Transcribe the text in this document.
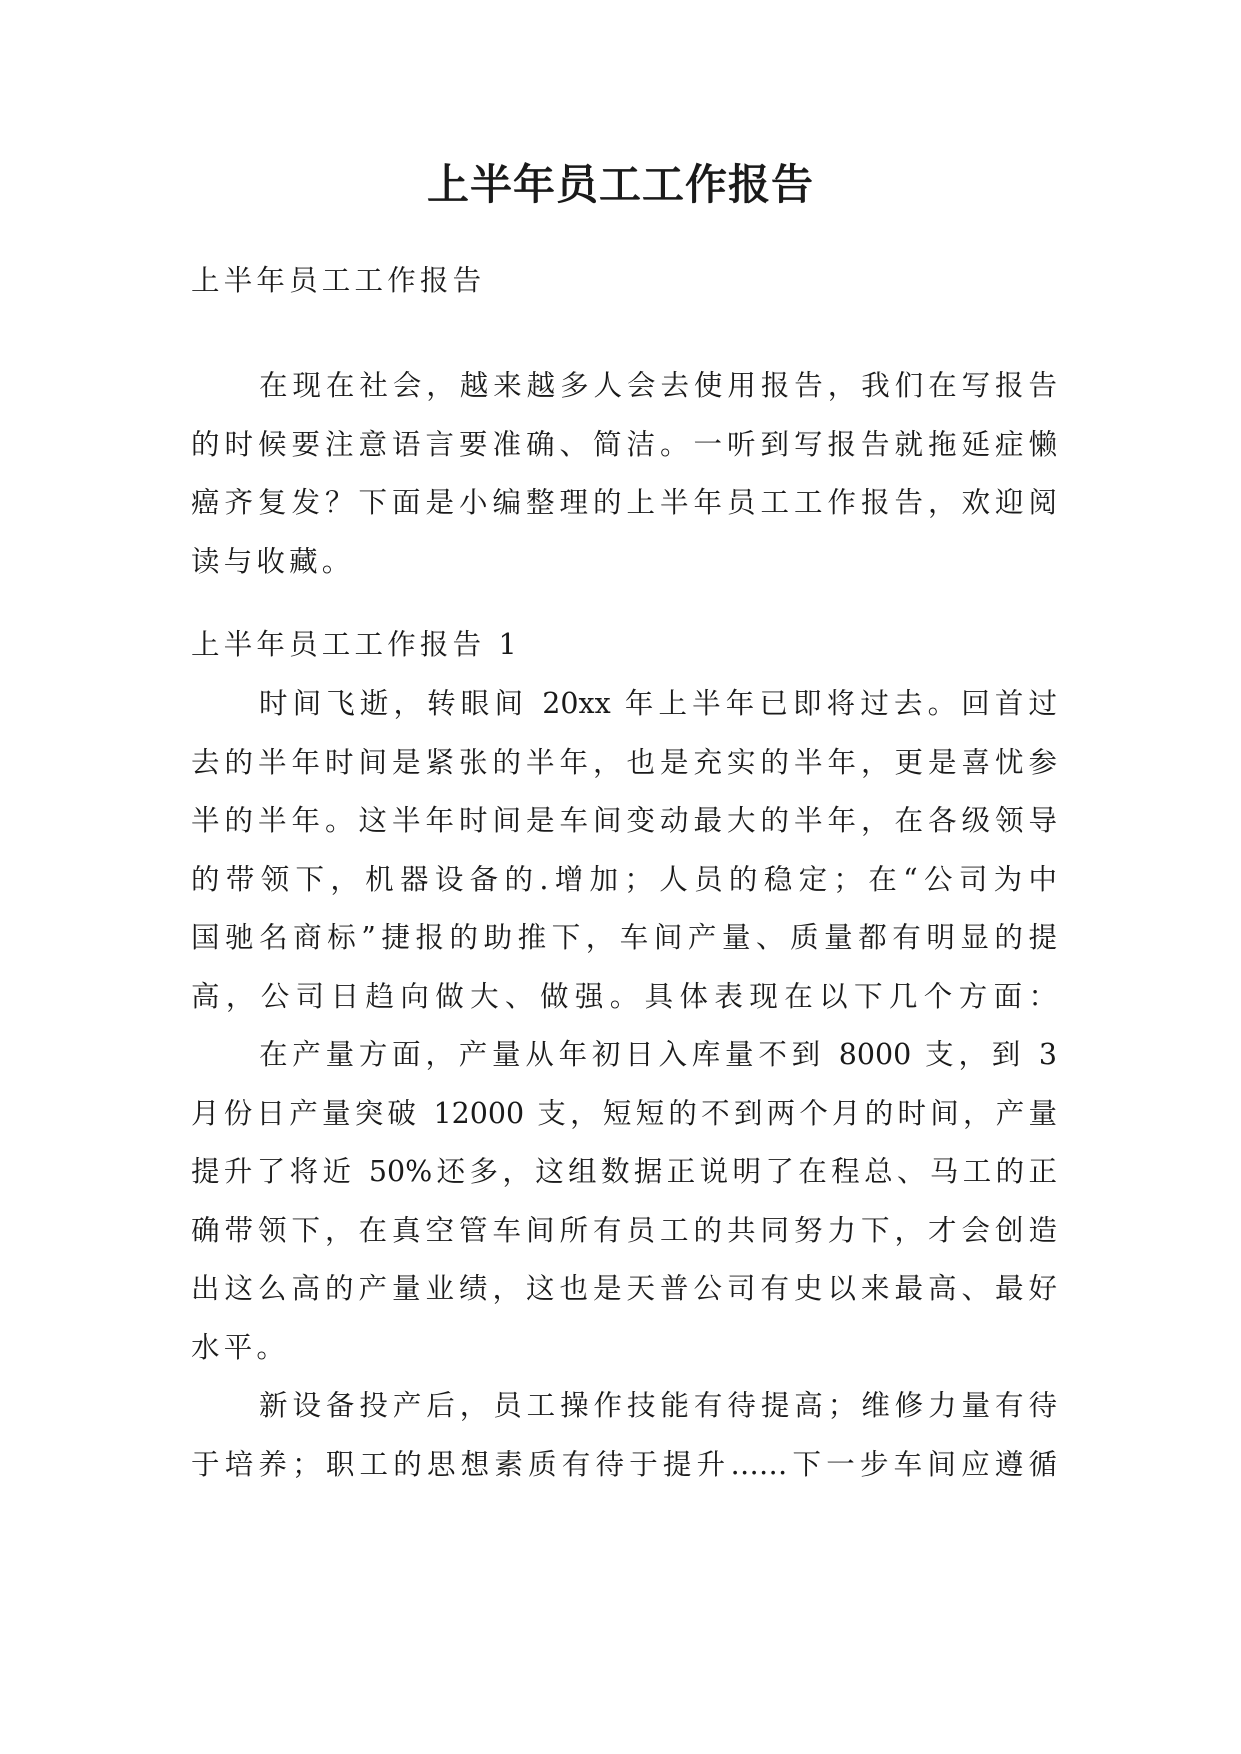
上半年员工工作报告
上半年员工工作报告
在现在社会，越来越多人会去使用报告，我们在写报告
的时候要注意语言要准确、简洁。一听到写报告就拖延症懒
癌齐复发？下面是小编整理的上半年员工工作报告，欢迎阅
读与收藏。
上半年员工工作报告 1
时间飞逝，转眼间 20xx 年上半年已即将过去。回首过
去的半年时间是紧张的半年，也是充实的半年，更是喜忧参
半的半年。这半年时间是车间变动最大的半年，在各级领导
的带领下，机器设备的.增加；人员的稳定；在“公司为中
国驰名商标”捷报的助推下，车间产量、质量都有明显的提
高，公司日趋向做大、做强。具体表现在以下几个方面：
在产量方面，产量从年初日入库量不到 8000 支，到 3
月份日产量突破 12000 支，短短的不到两个月的时间，产量
提升了将近 50%还多，这组数据正说明了在程总、马工的正
确带领下，在真空管车间所有员工的共同努力下，才会创造
出这么高的产量业绩，这也是天普公司有史以来最高、最好
水平。
新设备投产后，员工操作技能有待提高；维修力量有待
于培养；职工的思想素质有待于提升……下一步车间应遵循
